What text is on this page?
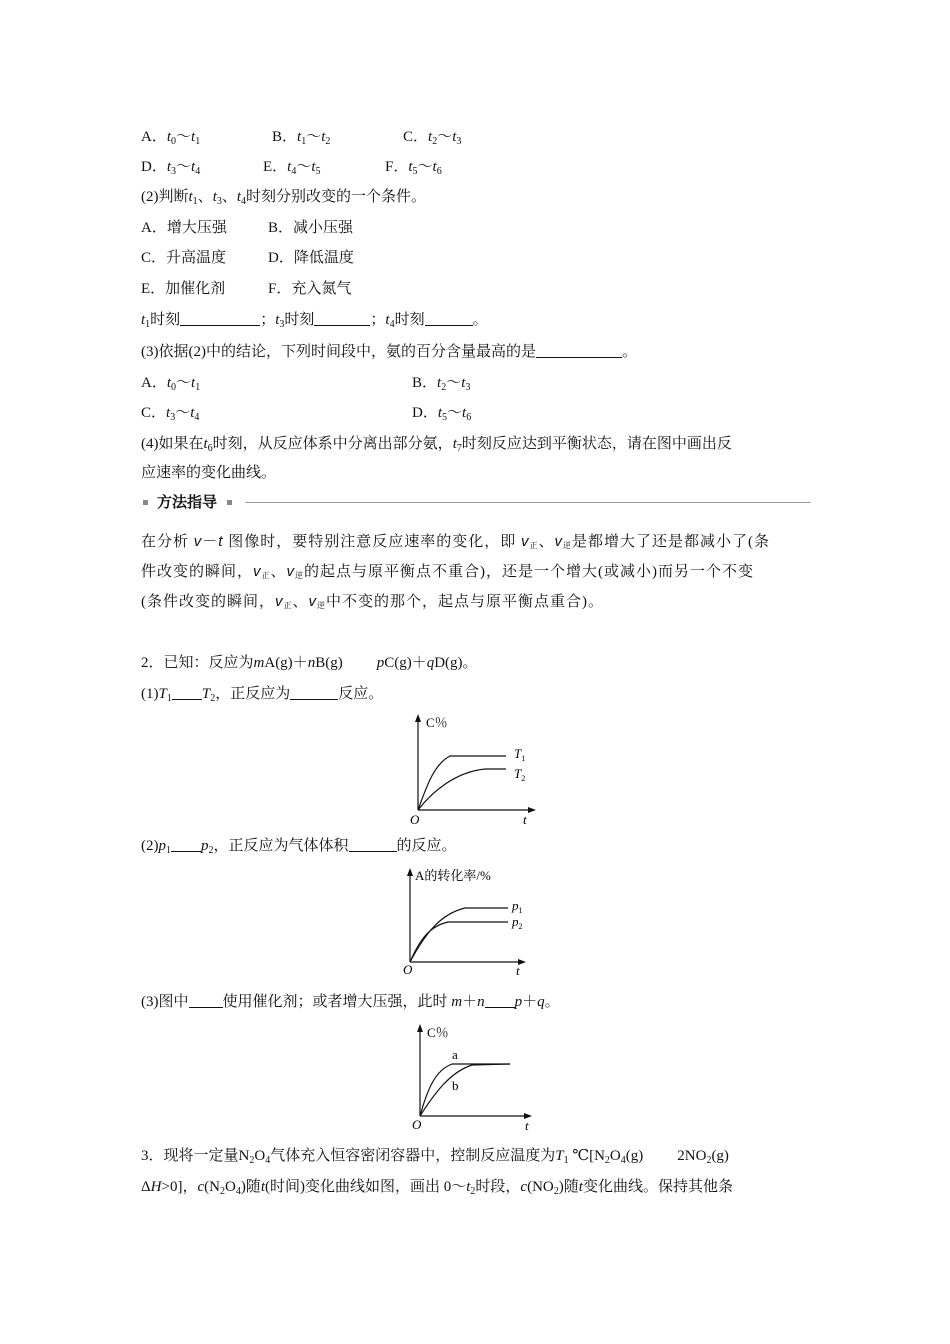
A．$t_0\sim t_1$	B．$t_1\sim t_2$	C．$t_2\sim t_3$
D．$t_3\sim t_4$	E．$t_4\sim t_5$	F．$t_5\sim t_6$
(2)判断$t_1$、$t_3$、$t_4$时刻分别改变的一个条件。
A．增大压强	B．减小压强
C．升高温度	D．降低温度
E．加催化剂	F．充入氮气
$t_1$时刻	；$t_3$时刻	；$t_4$时刻	。
(3)依据(2)中的结论，下列时间段中，氨的百分含量最高的是	。
A．$t_0\sim t_1$	B．$t_2\sim t_3$
C．$t_3\sim t_4$	D．$t_5\sim t_6$
(4)如果在$t_6$时刻，从反应体系中分离出部分氨，$t_7$时刻反应达到平衡状态，请在图中画出反
应速率的变化曲线。
方法指导
在分析 v－t 图像时，要特别注意反应速率的变化，即 v正、v逆是都增大了还是都减小了(条
件改变的瞬间，v正、v逆的起点与原平衡点不重合)，还是一个增大(或减小)而另一个不变
(条件改变的瞬间，v正、v逆中不变的那个，起点与原平衡点重合)。
2．已知：反应为mA(g)＋nB(g) pC(g)＋qD(g)。
$(1)T_1$ $T_2$，正反应为	反应。
C％
$T_1$
$T_2$
O	t
$(2)p_1$ $p_2$，正反应为气体体积	的反应。
A的转化率/%
$p_1$
$p_2$
O	t
(3)图中 使用催化剂；或者增大压强，此时 m＋n p＋q。
C％
a
b
O	t
3．现将一定量$N_2O_4$气体充入恒容密闭容器中，控制反应温度为$T_1$ $℃[N_2O_4(g)$ $2NO_2(g)$
ΔH>0]，$c(N_2O_4)$随t(时间)变化曲线如图，画出 $0\sim t_2$时段，$c(NO_2)$随t变化曲线。保持其他条
